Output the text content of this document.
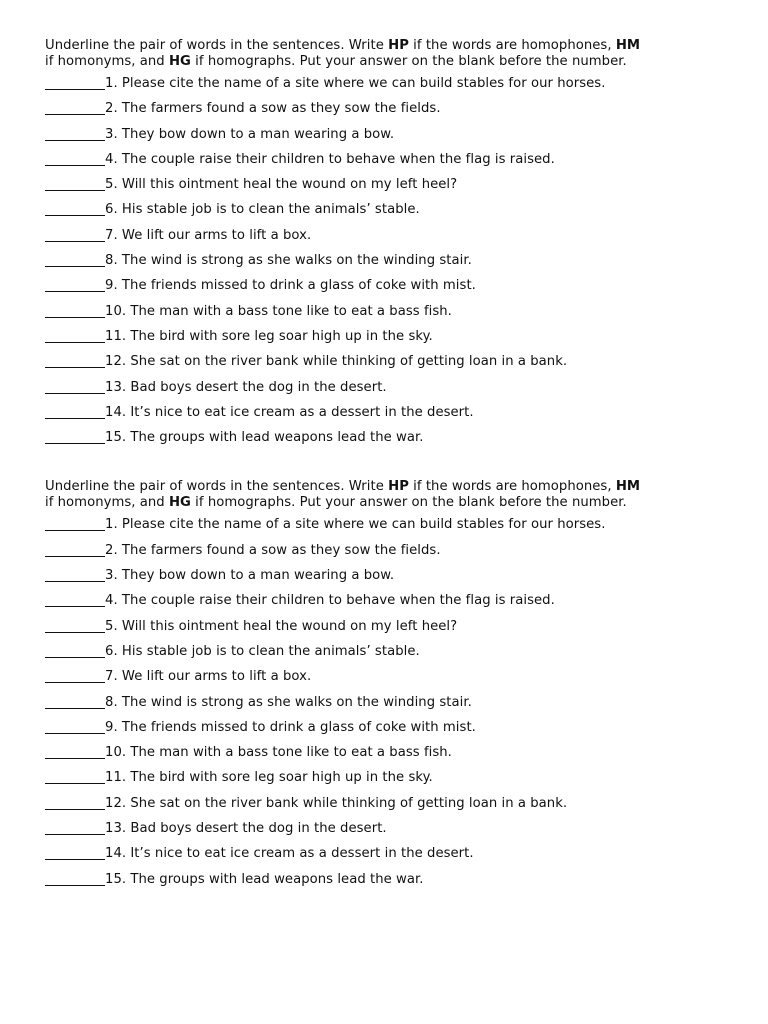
Underline the pair of words in the sentences. Write HP if the words are homophones, HM
if homonyms, and HG if homographs. Put your answer on the blank before the number.

1. Please cite the name of a site where we can build stables for our horses.
2. The farmers found a sow as they sow the fields.
3. They bow down to a man wearing a bow.
4. The couple raise their children to behave when the flag is raised.
5. Will this ointment heal the wound on my left heel?
6. His stable job is to clean the animals’ stable.
7. We lift our arms to lift a box.
8. The wind is strong as she walks on the winding stair.
9. The friends missed to drink a glass of coke with mist.
10. The man with a bass tone like to eat a bass fish.
11. The bird with sore leg soar high up in the sky.
12. She sat on the river bank while thinking of getting loan in a bank.
13. Bad boys desert the dog in the desert.
14. It’s nice to eat ice cream as a dessert in the desert.
15. The groups with lead weapons lead the war.

Underline the pair of words in the sentences. Write HP if the words are homophones, HM
if homonyms, and HG if homographs. Put your answer on the blank before the number.

1. Please cite the name of a site where we can build stables for our horses.
2. The farmers found a sow as they sow the fields.
3. They bow down to a man wearing a bow.
4. The couple raise their children to behave when the flag is raised.
5. Will this ointment heal the wound on my left heel?
6. His stable job is to clean the animals’ stable.
7. We lift our arms to lift a box.
8. The wind is strong as she walks on the winding stair.
9. The friends missed to drink a glass of coke with mist.
10. The man with a bass tone like to eat a bass fish.
11. The bird with sore leg soar high up in the sky.
12. She sat on the river bank while thinking of getting loan in a bank.
13. Bad boys desert the dog in the desert.
14. It’s nice to eat ice cream as a dessert in the desert.
15. The groups with lead weapons lead the war.
